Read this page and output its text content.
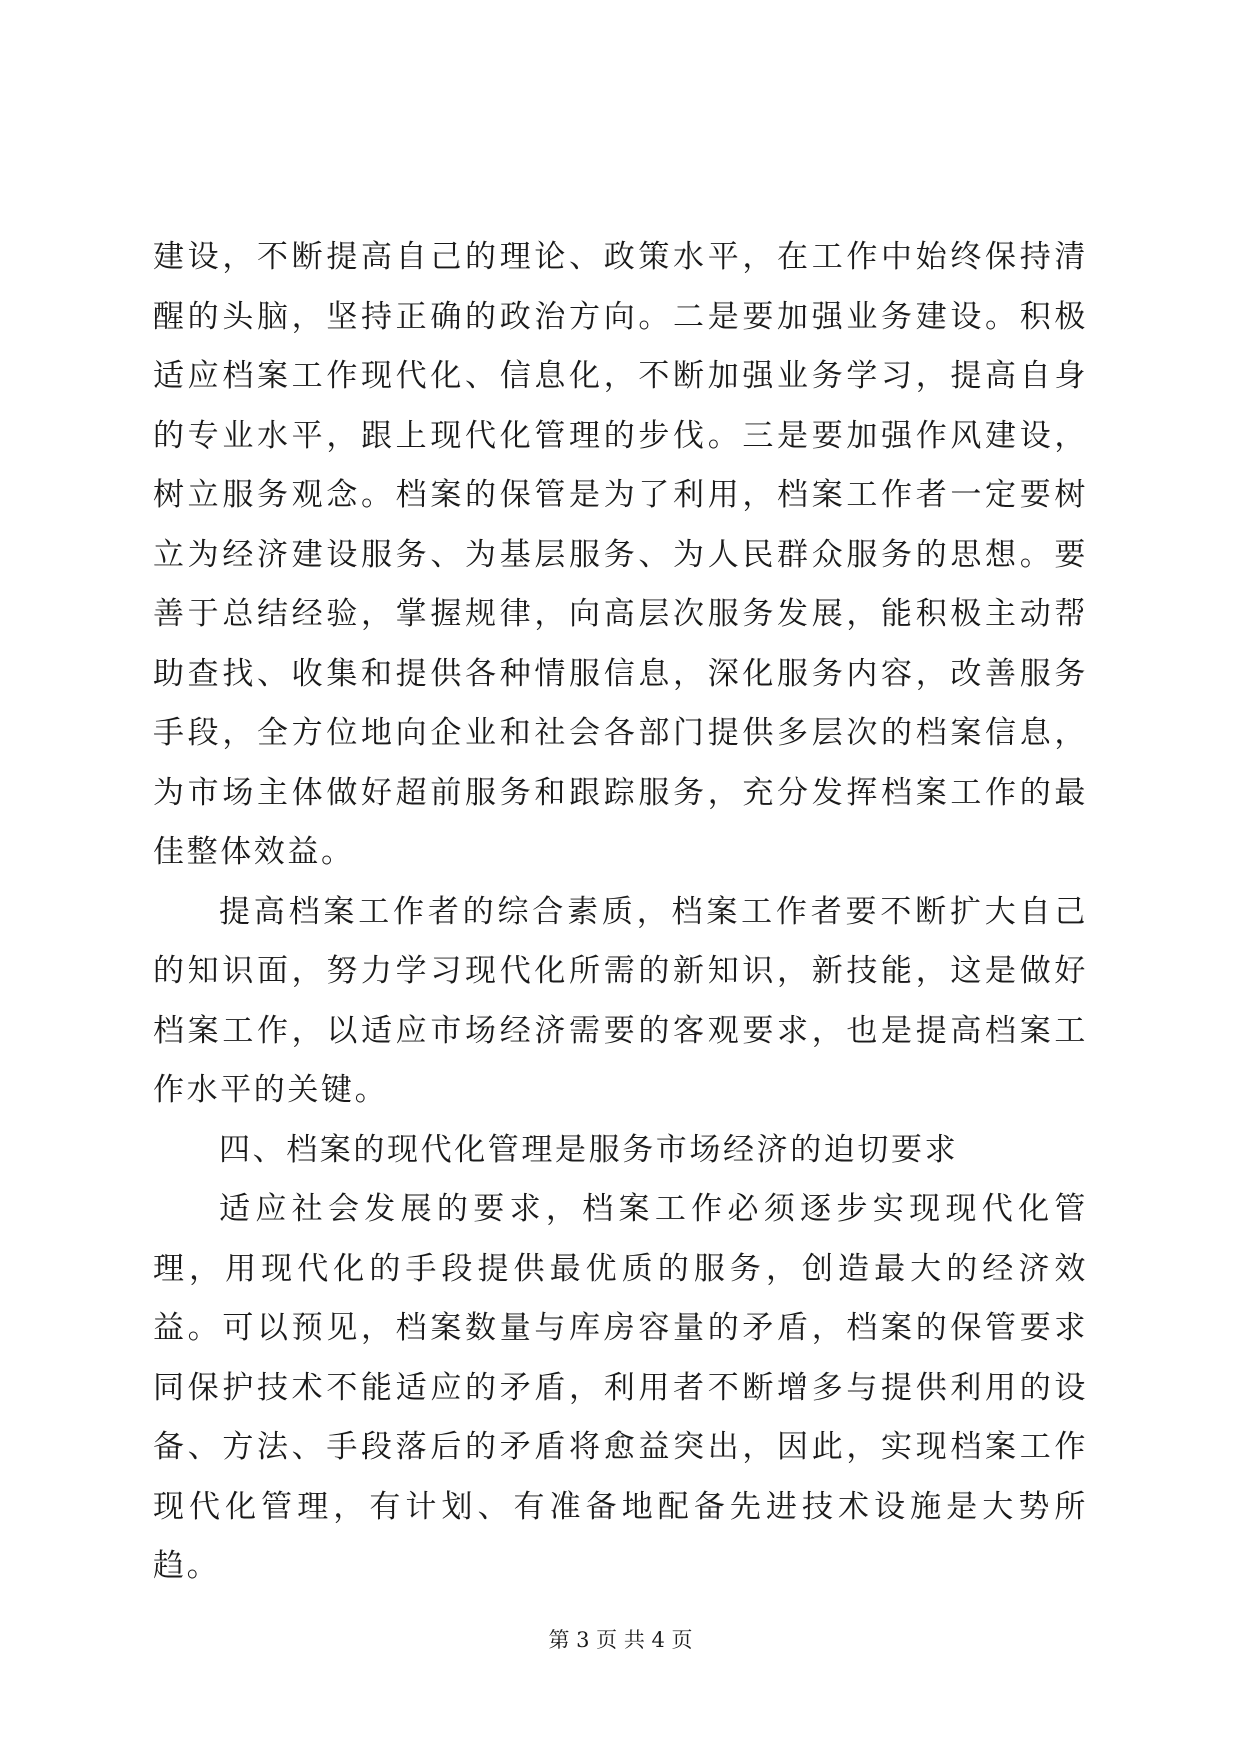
建设，不断提高自己的理论、政策水平，在工作中始终保持清醒的头脑，坚持正确的政治方向。二是要加强业务建设。积极适应档案工作现代化、信息化，不断加强业务学习，提高自身的专业水平，跟上现代化管理的步伐。三是要加强作风建设，树立服务观念。档案的保管是为了利用，档案工作者一定要树立为经济建设服务、为基层服务、为人民群众服务的思想。要善于总结经验，掌握规律，向高层次服务发展，能积极主动帮助查找、收集和提供各种情服信息，深化服务内容，改善服务手段，全方位地向企业和社会各部门提供多层次的档案信息，为市场主体做好超前服务和跟踪服务，充分发挥档案工作的最佳整体效益。

提高档案工作者的综合素质，档案工作者要不断扩大自己的知识面，努力学习现代化所需的新知识，新技能，这是做好档案工作，以适应市场经济需要的客观要求，也是提高档案工作水平的关键。

四、档案的现代化管理是服务市场经济的迫切要求

适应社会发展的要求，档案工作必须逐步实现现代化管理，用现代化的手段提供最优质的服务，创造最大的经济效益。可以预见，档案数量与库房容量的矛盾，档案的保管要求同保护技术不能适应的矛盾，利用者不断增多与提供利用的设备、方法、手段落后的矛盾将愈益突出，因此，实现档案工作现代化管理，有计划、有准备地配备先进技术设施是大势所趋。

第 3 页 共 4 页
